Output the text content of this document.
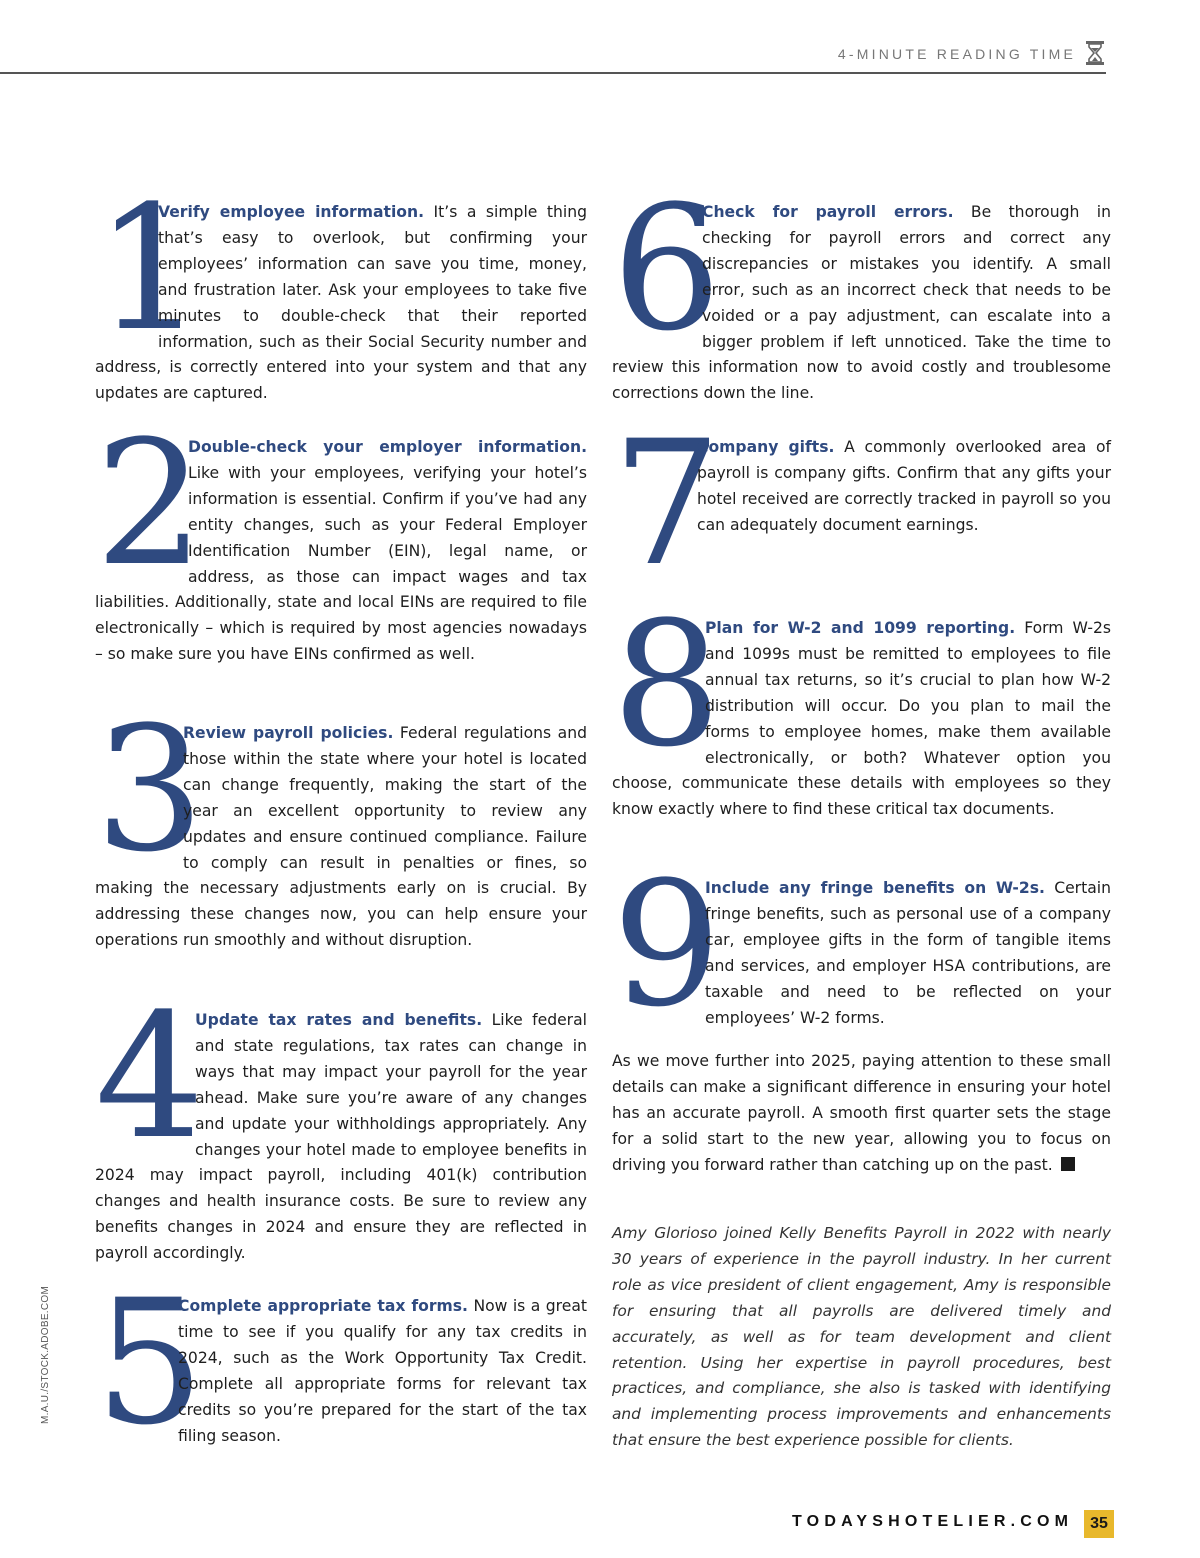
4-MINUTE READING TIME
1

Verify employee information. It’s a simple thing that’s easy to overlook, but confirming your employees’ information can save you time, money, and frustration later. Ask your employees to take five minutes to double-check that their reported information, such as their Social Security number and address, is correctly entered into your system and that any updates are captured.

2

Double-check your employer information. Like with your employees, verifying your hotel’s information is essential. Confirm if you’ve had any entity changes, such as your Federal Employer Identification Number (EIN), legal name, or address, as those can impact wages and tax liabilities. Additionally, state and local EINs are required to file electronically – which is required by most agencies nowadays – so make sure you have EINs confirmed as well.

3

Review payroll policies. Federal regulations and those within the state where your hotel is located can change frequently, making the start of the year an excellent opportunity to review any updates and ensure continued compliance. Failure to comply can result in penalties or fines, so making the necessary adjustments early on is crucial. By addressing these changes now, you can help ensure your operations run smoothly and without disruption.

4

Update tax rates and benefits. Like federal and state regulations, tax rates can change in ways that may impact your payroll for the year ahead. Make sure you’re aware of any changes and update your withholdings appropriately. Any changes your hotel made to employee benefits in 2024 may impact payroll, including 401(k) contribution changes and health insurance costs. Be sure to review any benefits changes in 2024 and ensure they are reflected in payroll accordingly.

5

Complete appropriate tax forms. Now is a great time to see if you qualify for any tax credits in 2024, such as the Work Opportunity Tax Credit. Complete all appropriate forms for relevant tax credits so you’re prepared for the start of the tax filing season.

6

Check for payroll errors. Be thorough in checking for payroll errors and correct any discrepancies or mistakes you identify. A small error, such as an incorrect check that needs to be voided or a pay adjustment, can escalate into a bigger problem if left unnoticed. Take the time to review this information now to avoid costly and troublesome corrections down the line.

7

Company gifts. A commonly overlooked area of payroll is company gifts. Confirm that any gifts your hotel received are correctly tracked in payroll so you can adequately document earnings.

8

Plan for W-2 and 1099 reporting. Form W-2s and 1099s must be remitted to employees to file annual tax returns, so it’s crucial to plan how W-2 distribution will occur. Do you plan to mail the forms to employee homes, make them available electronically, or both? Whatever option you choose, communicate these details with employees so they know exactly where to find these critical tax documents.

9

Include any fringe benefits on W-2s. Certain fringe benefits, such as personal use of a company car, employee gifts in the form of tangible items and services, and employer HSA contributions, are taxable and need to be reflected on your employees’ W-2 forms.

As we move further into 2025, paying attention to these small details can make a significant difference in ensuring your hotel has an accurate payroll. A smooth first quarter sets the stage for a solid start to the new year, allowing you to focus on driving you forward rather than catching up on the past.

Amy Glorioso joined Kelly Benefits Payroll in 2022 with nearly 30 years of experience in the payroll industry. In her current role as vice president of client engagement, Amy is responsible for ensuring that all payrolls are delivered timely and accurately, as well as for team development and client retention. Using her expertise in payroll procedures, best practices, and compliance, she also is tasked with identifying and implementing process improvements and enhancements that ensure the best experience possible for clients.

M.A.U./STOCK.ADOBE.COM
TODAYSHOTELIER.COM	35
